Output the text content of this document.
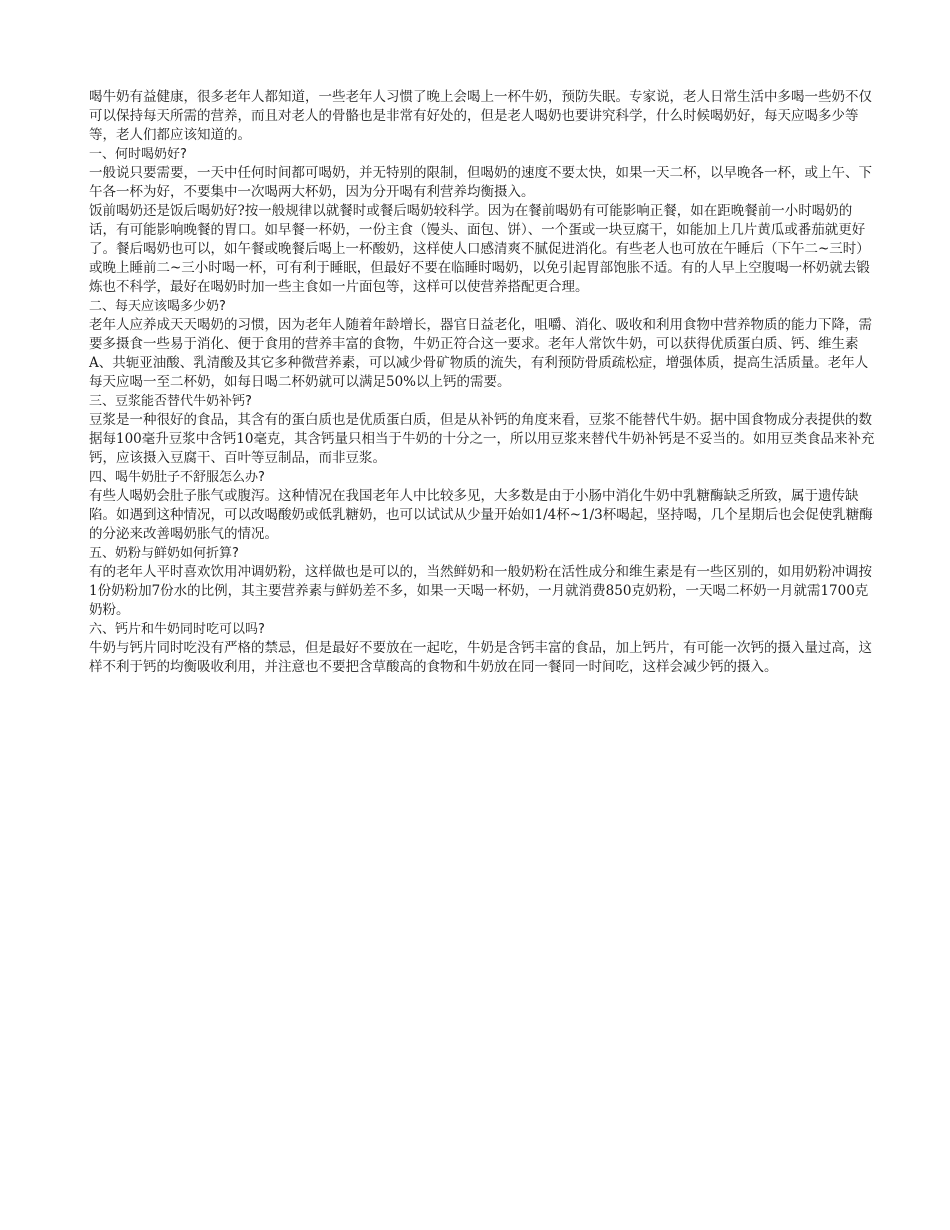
喝牛奶有益健康，很多老年人都知道，一些老年人习惯了晚上会喝上一杯牛奶，预防失眠。专家说，老人日常生活中多喝一些奶不仅可以保持每天所需的营养，而且对老人的骨骼也是非常有好处的，但是老人喝奶也要讲究科学，什么时候喝奶好，每天应喝多少等等，老人们都应该知道的。

一、何时喝奶好?

一般说只要需要，一天中任何时间都可喝奶，并无特别的限制，但喝奶的速度不要太快，如果一天二杯，以早晚各一杯，或上午、下午各一杯为好，不要集中一次喝两大杯奶，因为分开喝有利营养均衡摄入。

饭前喝奶还是饭后喝奶好?按一般规律以就餐时或餐后喝奶较科学。因为在餐前喝奶有可能影响正餐，如在距晚餐前一小时喝奶的话，有可能影响晚餐的胃口。如早餐一杯奶，一份主食（馒头、面包、饼）、一个蛋或一块豆腐干，如能加上几片黄瓜或番茄就更好了。餐后喝奶也可以，如午餐或晚餐后喝上一杯酸奶，这样使人口感清爽不腻促进消化。有些老人也可放在午睡后（下午二~三时）或晚上睡前二~三小时喝一杯，可有利于睡眠，但最好不要在临睡时喝奶，以免引起胃部饱胀不适。有的人早上空腹喝一杯奶就去锻炼也不科学，最好在喝奶时加一些主食如一片面包等，这样可以使营养搭配更合理。

二、每天应该喝多少奶?

老年人应养成天天喝奶的习惯，因为老年人随着年龄增长，器官日益老化，咀嚼、消化、吸收和利用食物中营养物质的能力下降，需要多摄食一些易于消化、便于食用的营养丰富的食物，牛奶正符合这一要求。老年人常饮牛奶，可以获得优质蛋白质、钙、维生素A、共轭亚油酸、乳清酸及其它多种微营养素，可以减少骨矿物质的流失，有利预防骨质疏松症，增强体质，提高生活质量。老年人每天应喝一至二杯奶，如每日喝二杯奶就可以满足50%以上钙的需要。

三、豆浆能否替代牛奶补钙?

豆浆是一种很好的食品，其含有的蛋白质也是优质蛋白质，但是从补钙的角度来看，豆浆不能替代牛奶。据中国食物成分表提供的数据每100毫升豆浆中含钙10毫克，其含钙量只相当于牛奶的十分之一，所以用豆浆来替代牛奶补钙是不妥当的。如用豆类食品来补充钙，应该摄入豆腐干、百叶等豆制品，而非豆浆。

四、喝牛奶肚子不舒服怎么办?

有些人喝奶会肚子胀气或腹泻。这种情况在我国老年人中比较多见，大多数是由于小肠中消化牛奶中乳糖酶缺乏所致，属于遗传缺陷。如遇到这种情况，可以改喝酸奶或低乳糖奶，也可以试试从少量开始如1/4杯~1/3杯喝起，坚持喝，几个星期后也会促使乳糖酶的分泌来改善喝奶胀气的情况。

五、奶粉与鲜奶如何折算?

有的老年人平时喜欢饮用冲调奶粉，这样做也是可以的，当然鲜奶和一般奶粉在活性成分和维生素是有一些区别的，如用奶粉冲调按1份奶粉加7份水的比例，其主要营养素与鲜奶差不多，如果一天喝一杯奶，一月就消费850克奶粉，一天喝二杯奶一月就需1700克奶粉。

六、钙片和牛奶同时吃可以吗?

牛奶与钙片同时吃没有严格的禁忌，但是最好不要放在一起吃，牛奶是含钙丰富的食品，加上钙片，有可能一次钙的摄入量过高，这样不利于钙的均衡吸收利用，并注意也不要把含草酸高的食物和牛奶放在同一餐同一时间吃，这样会减少钙的摄入。
